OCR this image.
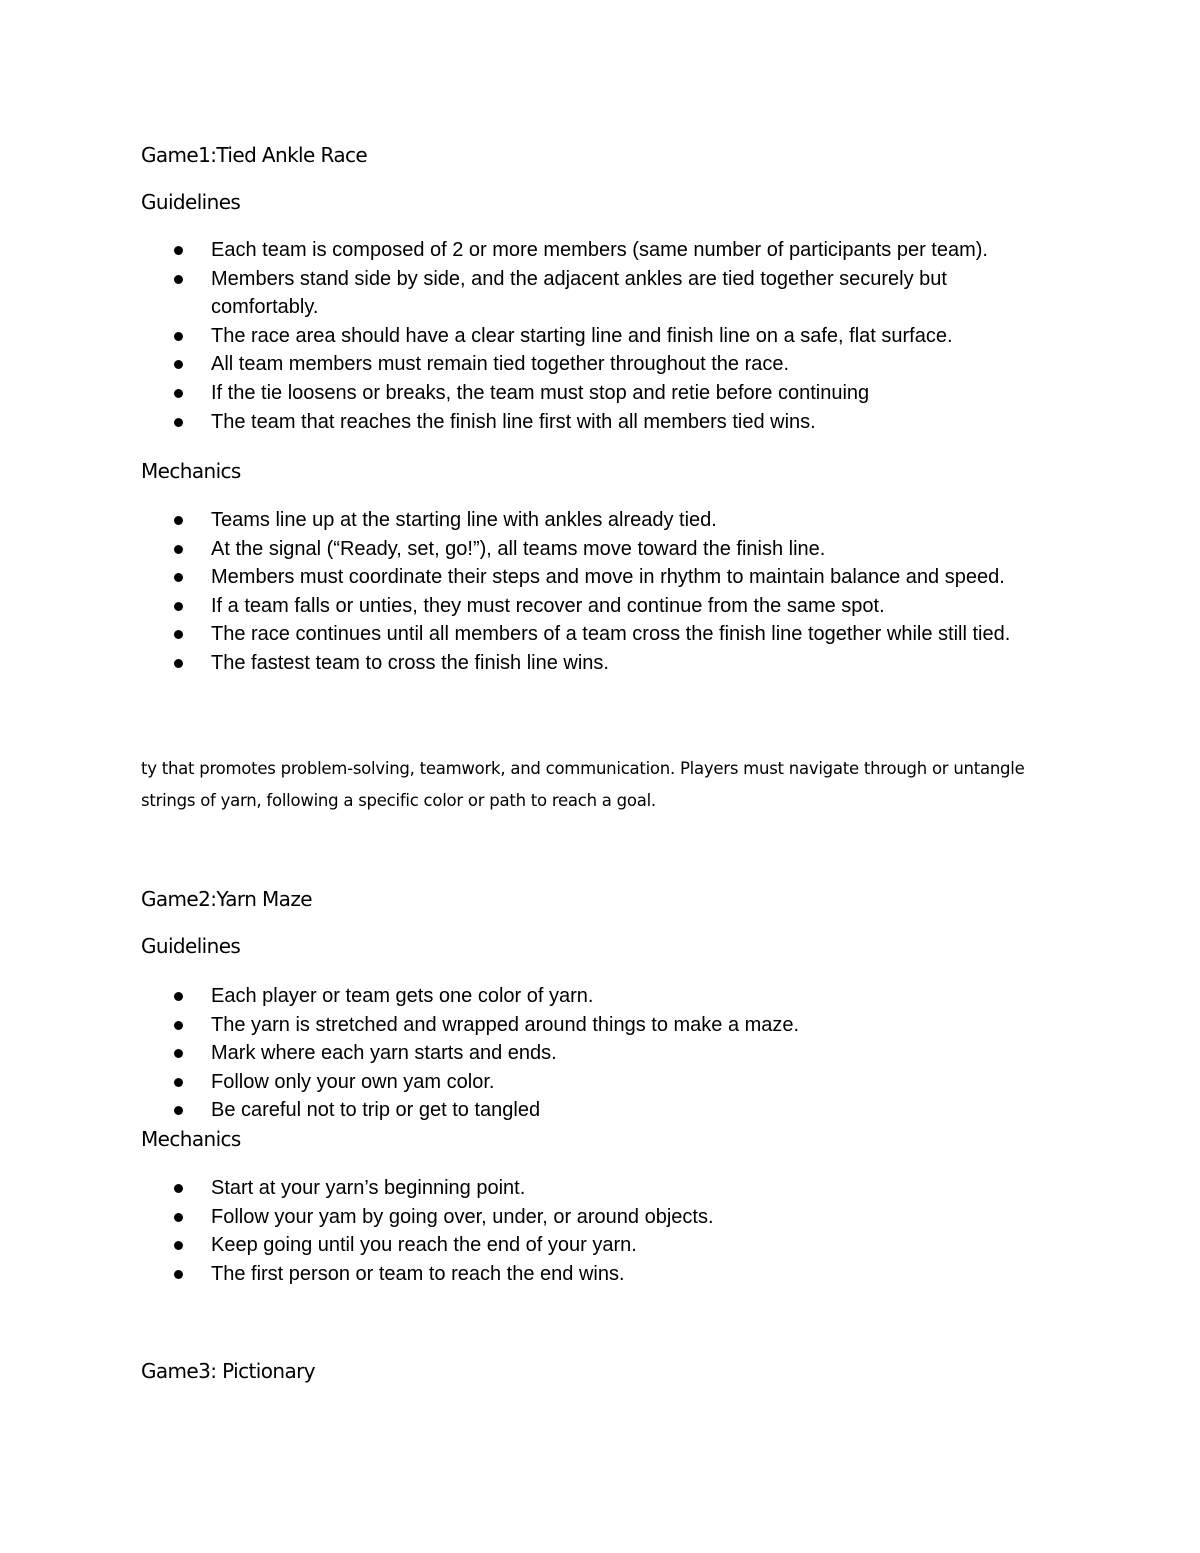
Game1:Tied Ankle Race
Guidelines
Each team is composed of 2 or more members (same number of participants per team).
Members stand side by side, and the adjacent ankles are tied together securely but comfortably.
The race area should have a clear starting line and finish line on a safe, flat surface.
All team members must remain tied together throughout the race.
If the tie loosens or breaks, the team must stop and retie before continuing
The team that reaches the finish line first with all members tied wins.
Mechanics
Teams line up at the starting line with ankles already tied.
At the signal (“Ready, set, go!”), all teams move toward the finish line.
Members must coordinate their steps and move in rhythm to maintain balance and speed.
If a team falls or unties, they must recover and continue from the same spot.
The race continues until all members of a team cross the finish line together while still tied.
The fastest team to cross the finish line wins.
ty that promotes problem-solving, teamwork, and communication. Players must navigate through or untangle strings of yarn, following a specific color or path to reach a goal.
Game2:Yarn Maze
Guidelines
Each player or team gets one color of yarn.
The yarn is stretched and wrapped around things to make a maze.
Mark where each yarn starts and ends.
Follow only your own yam color.
Be careful not to trip or get to tangled
Mechanics
Start at your yarn’s beginning point.
Follow your yam by going over, under, or around objects.
Keep going until you reach the end of your yarn.
The first person or team to reach the end wins.
Game3: Pictionary
